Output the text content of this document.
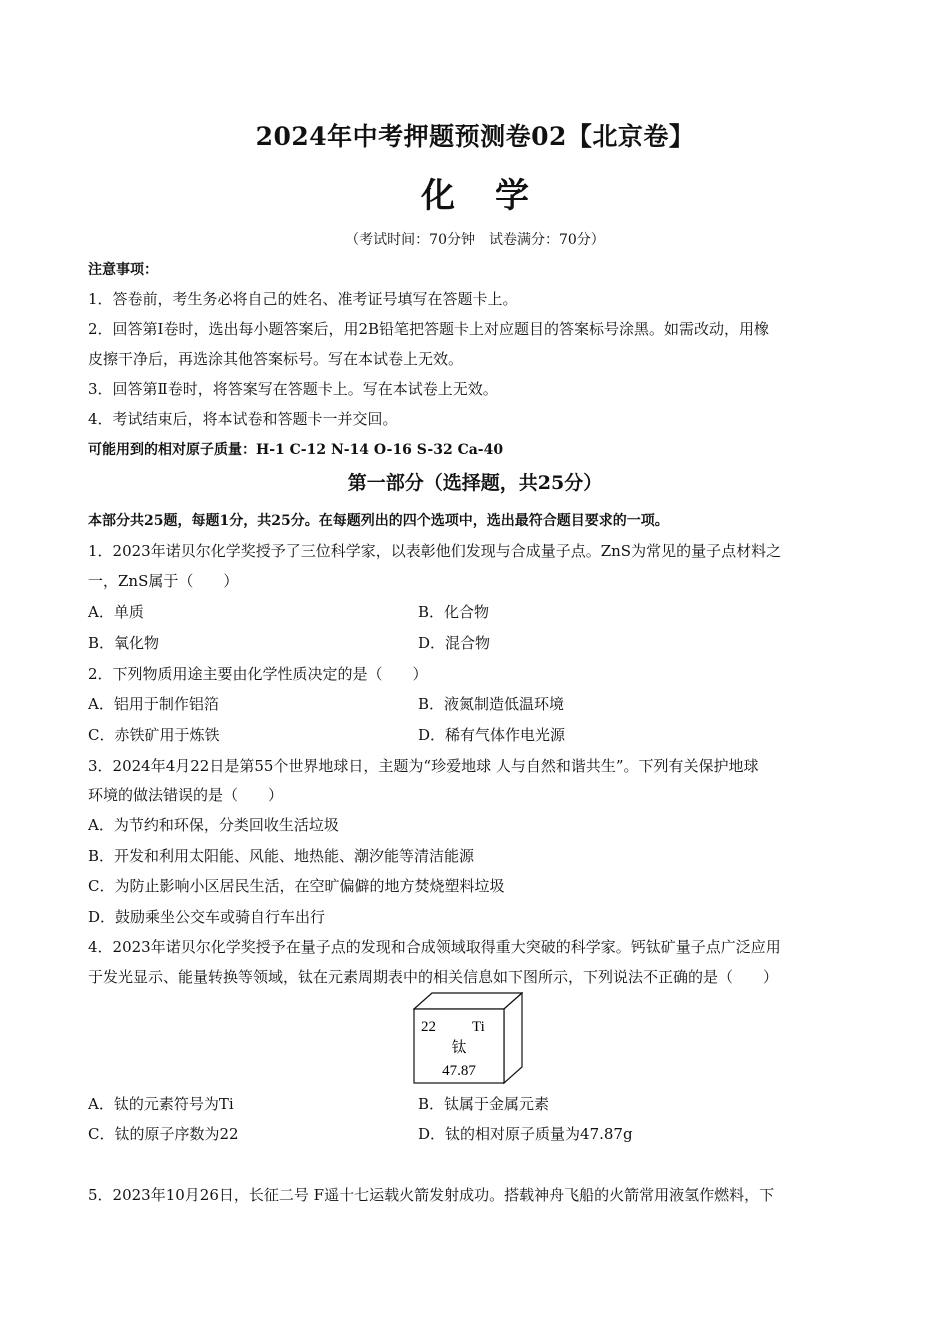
2024年中考押题预测卷02【北京卷】
化学
（考试时间：70分钟　试卷满分：70分）
注意事项：
1．答卷前，考生务必将自己的姓名、准考证号填写在答题卡上。
2．回答第Ⅰ卷时，选出每小题答案后，用2B铅笔把答题卡上对应题目的答案标号涂黑。如需改动，用橡
皮擦干净后，再选涂其他答案标号。写在本试卷上无效。
3．回答第Ⅱ卷时，将答案写在答题卡上。写在本试卷上无效。
4．考试结束后，将本试卷和答题卡一并交回。
可能用到的相对原子质量：H-1 C-12 N-14 O-16 S-32 Ca-40
第一部分（选择题，共25分）
本部分共25题，每题1分，共25分。在每题列出的四个选项中，选出最符合题目要求的一项。
1．2023年诺贝尔化学奖授予了三位科学家，以表彰他们发现与合成量子点。ZnS为常见的量子点材料之
一，ZnS属于（　　）
A．单质	B．化合物
B．氧化物	D．混合物
2．下列物质用途主要由化学性质决定的是（　　）
A．铝用于制作铝箔	B．液氮制造低温环境
C．赤铁矿用于炼铁	D．稀有气体作电光源
3．2024年4月22日是第55个世界地球日，主题为“珍爱地球 人与自然和谐共生”。下列有关保护地球
环境的做法错误的是（　　）
A．为节约和环保，分类回收生活垃圾
B．开发和利用太阳能、风能、地热能、潮汐能等清洁能源
C．为防止影响小区居民生活，在空旷偏僻的地方焚烧塑料垃圾
D．鼓励乘坐公交车或骑自行车出行
4．2023年诺贝尔化学奖授予在量子点的发现和合成领域取得重大突破的科学家。钙钛矿量子点广泛应用
于发光显示、能量转换等领域，钛在元素周期表中的相关信息如下图所示，下列说法不正确的是（　　）
22 Ti
钛
47.87
A．钛的元素符号为Ti	B．钛属于金属元素
C．钛的原子序数为22	D．钛的相对原子质量为47.87g
5．2023年10月26日，长征二号 F遥十七运载火箭发射成功。搭载神舟飞船的火箭常用液氢作燃料，下
